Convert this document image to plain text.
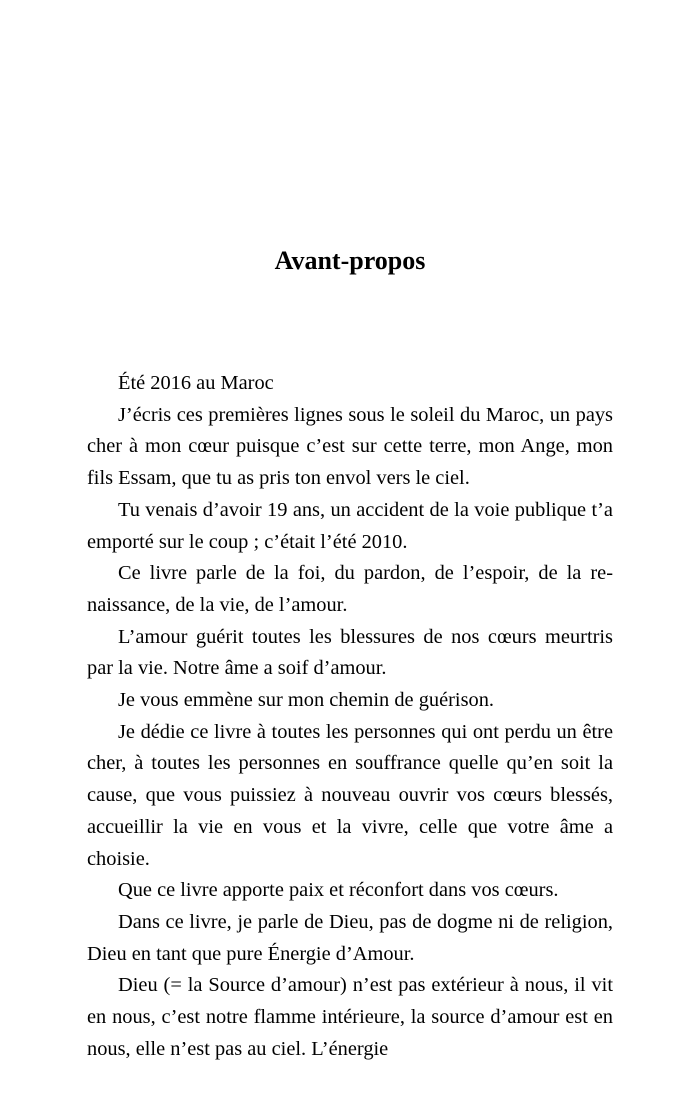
Avant-propos

Été 2016 au Maroc

J’écris ces premières lignes sous le soleil du Maroc, un pays cher à mon cœur puisque c’est sur cette terre, mon Ange, mon fils Essam, que tu as pris ton envol vers le ciel.

Tu venais d’avoir 19 ans, un accident de la voie publique t’a emporté sur le coup ; c’était l’été 2010.

Ce livre parle de la foi, du pardon, de l’espoir, de la re-naissance, de la vie, de l’amour.

L’amour guérit toutes les blessures de nos cœurs meurtris par la vie. Notre âme a soif d’amour.

Je vous emmène sur mon chemin de guérison.

Je dédie ce livre à toutes les personnes qui ont perdu un être cher, à toutes les personnes en souffrance quelle qu’en soit la cause, que vous puissiez à nouveau ouvrir vos cœurs blessés, accueillir la vie en vous et la vivre, celle que votre âme a choisie.

Que ce livre apporte paix et réconfort dans vos cœurs.

Dans ce livre, je parle de Dieu, pas de dogme ni de religion, Dieu en tant que pure Énergie d’Amour.

Dieu (= la Source d’amour) n’est pas extérieur à nous, il vit en nous, c’est notre flamme intérieure, la source d’amour est en nous, elle n’est pas au ciel. L’énergie
